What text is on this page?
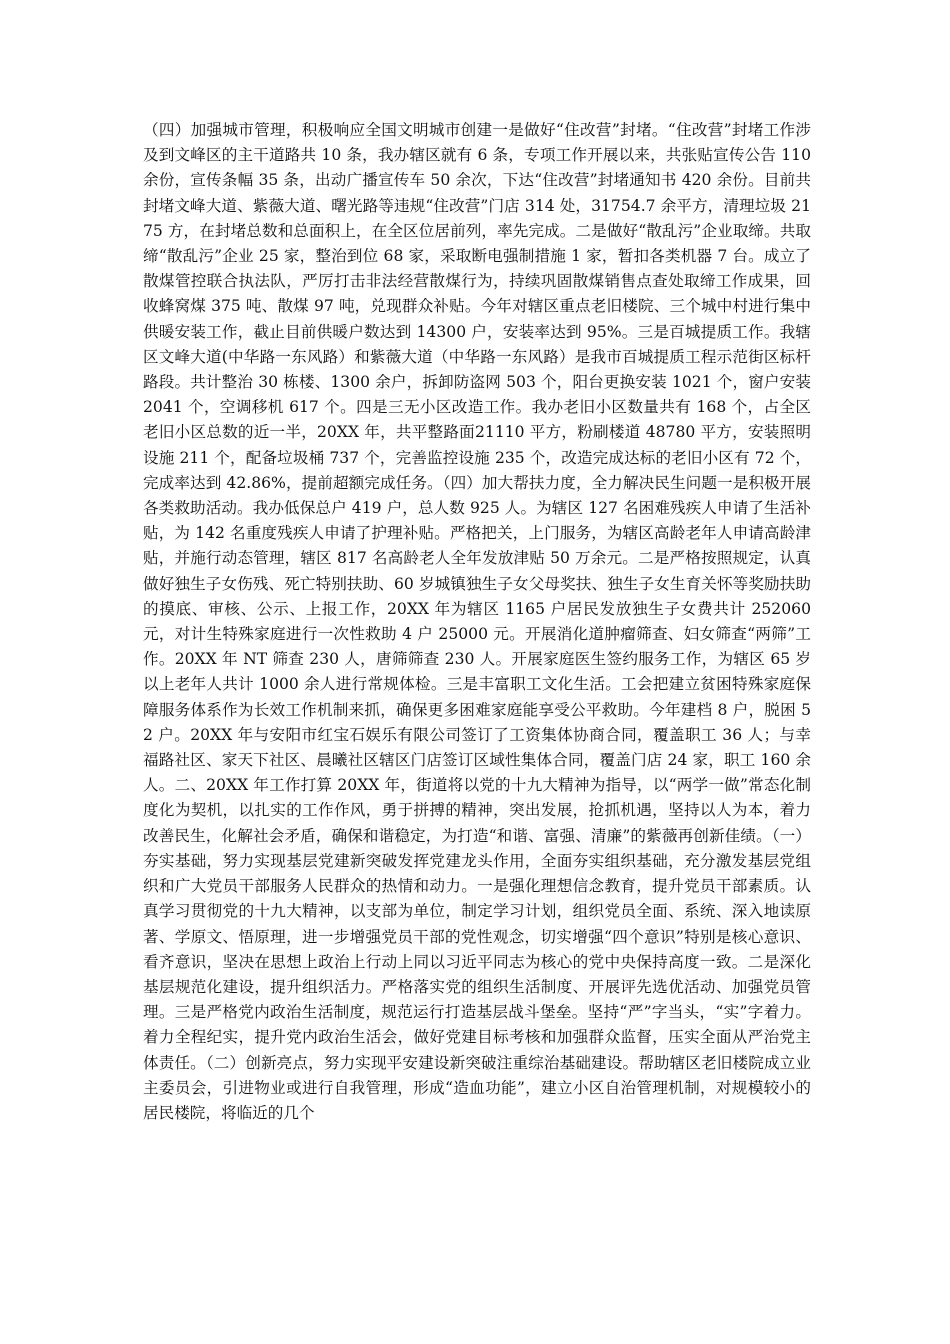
（四）加强城市管理，积极响应全国文明城市创建一是做好“住改营”封堵。“住改营”封堵工作涉及到文峰区的主干道路共 10 条，我办辖区就有 6 条，专项工作开展以来，共张贴宣传公告 110 余份，宣传条幅 35 条，出动广播宣传车 50 余次，下达“住改营”封堵通知书 420 余份。目前共封堵文峰大道、紫薇大道、曙光路等违规“住改营”门店 314 处，31754.7 余平方，清理垃圾 2175 方，在封堵总数和总面积上，在全区位居前列，率先完成。二是做好“散乱污”企业取缔。共取缔“散乱污”企业 25 家，整治到位 68 家，采取断电强制措施 1 家，暂扣各类机器 7 台。成立了散煤管控联合执法队，严厉打击非法经营散煤行为，持续巩固散煤销售点查处取缔工作成果，回收蜂窝煤 375 吨、散煤 97 吨，兑现群众补贴。今年对辖区重点老旧楼院、三个城中村进行集中供暖安装工作，截止目前供暖户数达到 14300 户，安装率达到 95%。三是百城提质工作。我辖区文峰大道(中华路一东风路）和紫薇大道（中华路一东风路）是我市百城提质工程示范街区标杆路段。共计整治 30 栋楼、1300 余户，拆卸防盗网 503 个，阳台更换安装 1021 个，窗户安装 2041 个，空调移机 617 个。四是三无小区改造工作。我办老旧小区数量共有 168 个，占全区老旧小区总数的近一半，20XX 年，共平整路面21110 平方，粉刷楼道 48780 平方，安装照明设施 211 个，配备垃圾桶 737 个，完善监控设施 235 个，改造完成达标的老旧小区有 72 个，完成率达到 42.86%，提前超额完成任务。（四）加大帮扶力度，全力解决民生问题一是积极开展各类救助活动。我办低保总户 419 户，总人数 925 人。为辖区 127 名困难残疾人申请了生活补贴，为 142 名重度残疾人申请了护理补贴。严格把关，上门服务，为辖区高龄老年人申请高龄津贴，并施行动态管理，辖区 817 名高龄老人全年发放津贴 50 万余元。二是严格按照规定，认真做好独生子女伤残、死亡特别扶助、60 岁城镇独生子女父母奖扶、独生子女生育关怀等奖励扶助的摸底、审核、公示、上报工作，20XX 年为辖区 1165 户居民发放独生子女费共计 252060 元，对计生特殊家庭进行一次性救助 4 户 25000 元。开展消化道肿瘤筛查、妇女筛查“两筛”工作。20XX 年 NT 筛查 230 人，唐筛筛查 230 人。开展家庭医生签约服务工作，为辖区 65 岁以上老年人共计 1000 余人进行常规体检。三是丰富职工文化生活。工会把建立贫困特殊家庭保障服务体系作为长效工作机制来抓，确保更多困难家庭能享受公平救助。今年建档 8 户，脱困 52 户。20XX 年与安阳市红宝石娱乐有限公司签订了工资集体协商合同，覆盖职工 36 人；与幸福路社区、家天下社区、晨曦社区辖区门店签订区域性集体合同，覆盖门店 24 家，职工 160 余人。二、20XX 年工作打算 20XX 年，街道将以党的十九大精神为指导，以“两学一做”常态化制度化为契机，以扎实的工作作风，勇于拼搏的精神，突出发展，抢抓机遇，坚持以人为本，着力改善民生，化解社会矛盾，确保和谐稳定，为打造“和谐、富强、清廉”的紫薇再创新佳绩。（一）夯实基础，努力实现基层党建新突破发挥党建龙头作用，全面夯实组织基础，充分激发基层党组织和广大党员干部服务人民群众的热情和动力。一是强化理想信念教育，提升党员干部素质。认真学习贯彻党的十九大精神，以支部为单位，制定学习计划，组织党员全面、系统、深入地读原著、学原文、悟原理，进一步增强党员干部的党性观念，切实增强“四个意识”特别是核心意识、看齐意识，坚决在思想上政治上行动上同以习近平同志为核心的党中央保持高度一致。二是深化基层规范化建设，提升组织活力。严格落实党的组织生活制度、开展评先选优活动、加强党员管理。三是严格党内政治生活制度，规范运行打造基层战斗堡垒。坚持“严”字当头，“实”字着力。着力全程纪实，提升党内政治生活会，做好党建目标考核和加强群众监督，压实全面从严治党主体责任。（二）创新亮点，努力实现平安建设新突破注重综治基础建设。帮助辖区老旧楼院成立业主委员会，引进物业或进行自我管理，形成“造血功能”，建立小区自治管理机制，对规模较小的居民楼院，将临近的几个
